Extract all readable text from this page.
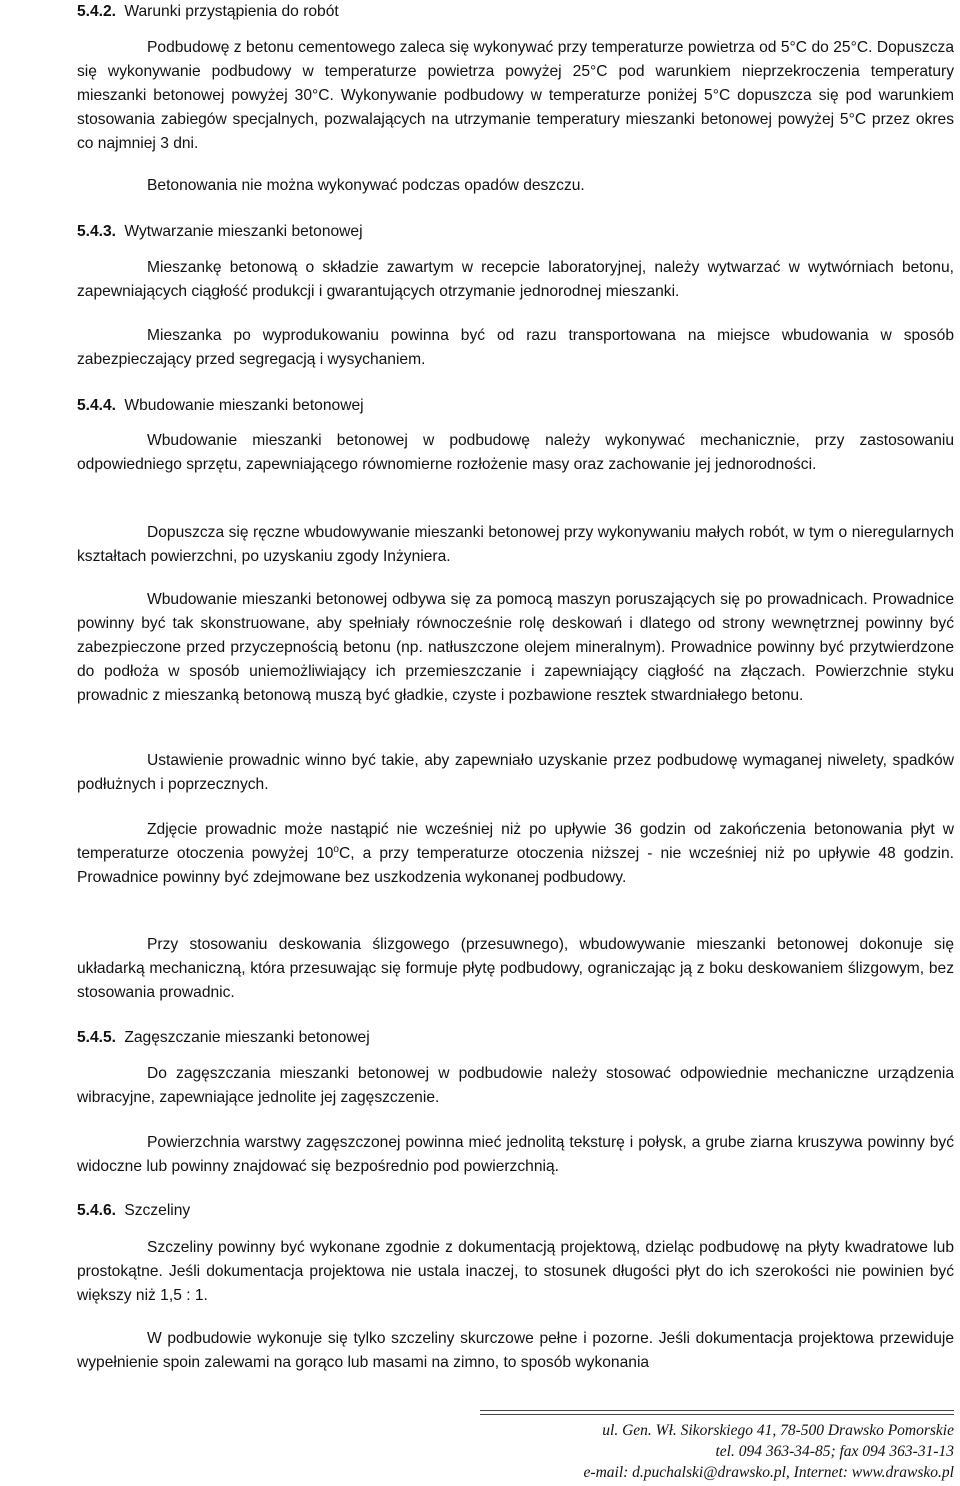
5.4.2. Warunki przystąpienia do robót
Podbudowę z betonu cementowego zaleca się wykonywać przy temperaturze powietrza od 5°C do 25°C. Dopuszcza się wykonywanie podbudowy w temperaturze powietrza powyżej 25°C pod warunkiem nieprzekroczenia temperatury mieszanki betonowej powyżej 30°C. Wykonywanie podbudowy w temperaturze poniżej 5°C dopuszcza się pod warunkiem stosowania zabiegów specjalnych, pozwalających na utrzymanie temperatury mieszanki betonowej powyżej 5°C przez okres co najmniej 3 dni.
Betonowania nie można wykonywać podczas opadów deszczu.
5.4.3. Wytwarzanie mieszanki betonowej
Mieszankę betonową o składzie zawartym w recepcie laboratoryjnej, należy wytwarzać w wytwórniach betonu, zapewniających ciągłość produkcji i gwarantujących otrzymanie jednorodnej mieszanki.
Mieszanka po wyprodukowaniu powinna być od razu transportowana na miejsce wbudowania w sposób zabezpieczający przed segregacją i wysychaniem.
5.4.4. Wbudowanie mieszanki betonowej
Wbudowanie mieszanki betonowej w podbudowę należy wykonywać mechanicznie, przy zastosowaniu odpowiedniego sprzętu, zapewniającego równomierne rozłożenie masy oraz zachowanie jej jednorodności.
Dopuszcza się ręczne wbudowywanie mieszanki betonowej przy wykonywaniu małych robót, w tym o nieregularnych kształtach powierzchni, po uzyskaniu zgody Inżyniera.
Wbudowanie mieszanki betonowej odbywa się za pomocą maszyn poruszających się po prowadnicach. Prowadnice powinny być tak skonstruowane, aby spełniały równocześnie rolę deskowań i dlatego od strony wewnętrznej powinny być zabezpieczone przed przyczepnością betonu (np. natłuszczone olejem mineralnym). Prowadnice powinny być przytwierdzone do podłoża w sposób uniemożliwiający ich przemieszczanie i zapewniający ciągłość na złączach. Powierzchnie styku prowadnic z mieszanką betonową muszą być gładkie, czyste i pozbawione resztek stwardniałego betonu.
Ustawienie prowadnic winno być takie, aby zapewniało uzyskanie przez podbudowę wymaganej niwelety, spadków podłużnych i poprzecznych.
Zdjęcie prowadnic może nastąpić nie wcześniej niż po upływie 36 godzin od zakończenia betonowania płyt w temperaturze otoczenia powyżej 10$^o$C, a przy temperaturze otoczenia niższej - nie wcześniej niż po upływie 48 godzin. Prowadnice powinny być zdejmowane bez uszkodzenia wykonanej podbudowy.
Przy stosowaniu deskowania ślizgowego (przesuwnego), wbudowywanie mieszanki betonowej dokonuje się układarką mechaniczną, która przesuwając się formuje płytę podbudowy, ograniczając ją z boku deskowaniem ślizgowym, bez stosowania prowadnic.
5.4.5. Zagęszczanie mieszanki betonowej
Do zagęszczania mieszanki betonowej w podbudowie należy stosować odpowiednie mechaniczne urządzenia wibracyjne, zapewniające jednolite jej zagęszczenie.
Powierzchnia warstwy zagęszczonej powinna mieć jednolitą teksturę i połysk, a grube ziarna kruszywa powinny być widoczne lub powinny znajdować się bezpośrednio pod powierzchnią.
5.4.6. Szczeliny
Szczeliny powinny być wykonane zgodnie z dokumentacją projektową, dzieląc podbudowę na płyty kwadratowe lub prostokątne. Jeśli dokumentacja projektowa nie ustala inaczej, to stosunek długości płyt do ich szerokości nie powinien być większy niż 1,5 : 1.
W podbudowie wykonuje się tylko szczeliny skurczowe pełne i pozorne. Jeśli dokumentacja projektowa przewiduje wypełnienie spoin zalewami na gorąco lub masami na zimno, to sposób wykonania
ul. Gen. Wł. Sikorskiego 41, 78-500 Drawsko Pomorskie
tel. 094 363-34-85; fax 094 363-31-13
e-mail: d.puchalski@drawsko.pl, Internet: www.drawsko.pl
